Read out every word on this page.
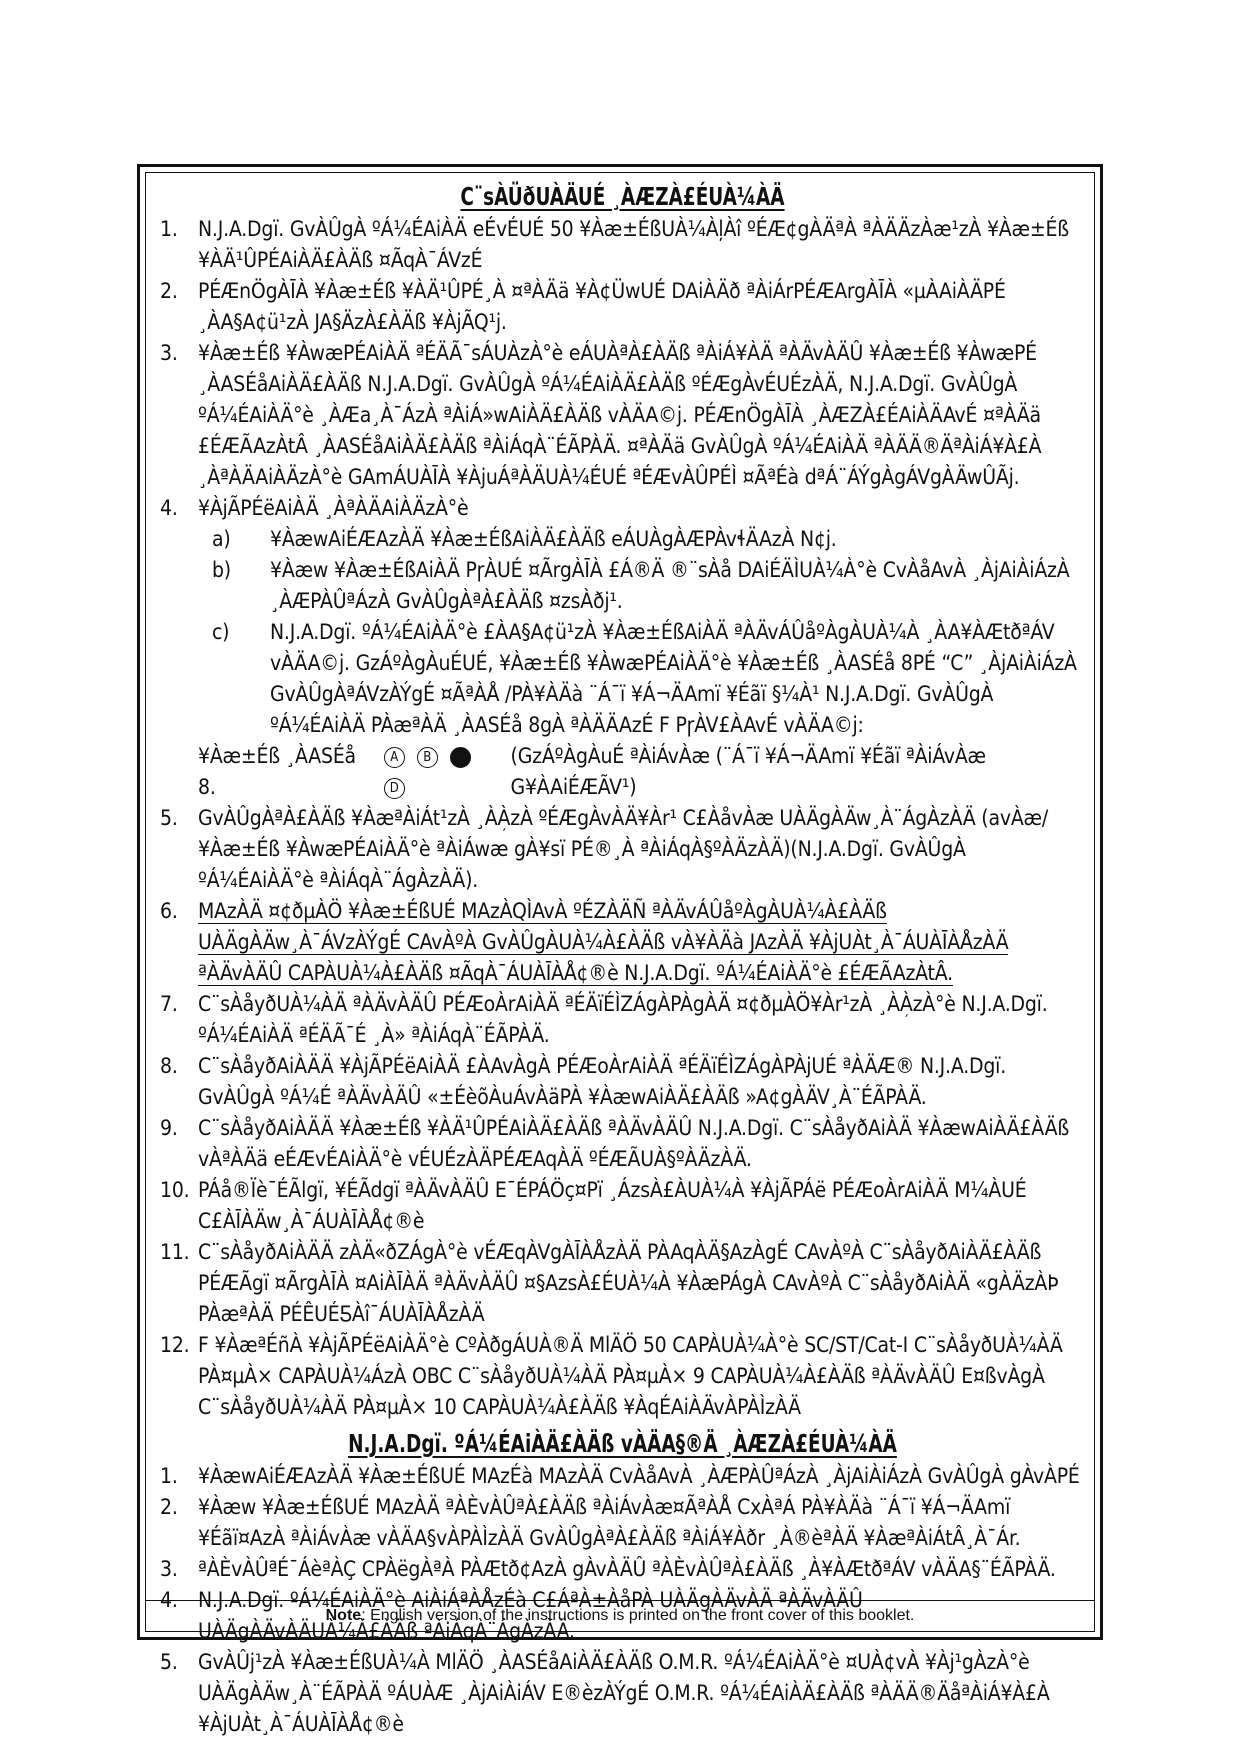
C¨sÀÜðUÀÄUÉ ¸ÀÆZÀ£ÉUÀ¼ÀÄ
1. N.J.A.Dgï. GvÀÛgÀ ºÁ¼ÉAiÀÄ eÉvÉUÉ 50 ¥Àæ±ÉßUÀ¼ÀļÀî ºÉÆ¢gÀÄªÀ ªÀÄÄzÀæ¹zÀ ¥Àæ±Éß ¥ÀÄ¹ÛPÉAiÀÄ£ÀÄß ¤ÃqÀ¯ÁVzÉ
2. PÉÆnÖgÀĪÀ ¥Àæ±Éß ¥ÀÄ¹ÛPÉ¸À ¤ªÀÄä ¥À¢ÜwUÉ DAiÀÄð ªÀiÁrPÉÆArgÀĪÀ «µÀAiÀÄPÉ ¸ÀA§A¢ü¹zÀ JA§ÄzÀ£ÀÄß ¥ÀjÃQ¹j.
3. ¥Àæ±Éß ¥ÀwæPÉAiÀÄ ªÉÄÃ¯sÁUÀzÀ°è eÁUÀªÀ£ÀÄß ªÀiÁ¥ÀÄ ªÀÄvÀÄÛ ¥Àæ±Éß ¥ÀwæPÉ ¸ÀASÉåAiÀÄ£ÀÄß N.J.A.Dgï. GvÀÛgÀ ºÁ¼ÉAiÀÄ£ÀÄß ºÉÆgÀvÉUÉzÀÄ, N.J.A.Dgï. GvÀÛgÀ ºÁ¼ÉAiÀÄ°è ¸ÀÆa¸À¯ÁzÀ ªÀiÁ»wAiÀÄ£ÀÄß vÀÄA©j. PÉÆnÖgÀĪÀ ¸ÀÆZÀ£ÉAiÀÄAvÉ ¤ªÀÄä £ÉÆÃAzÀtÂ ¸ÀASÉåAiÀÄ£ÀÄß ªÀiÁqÀ¨ÉÃPÀÄ. ¤ªÀÄä GvÀÛgÀ ºÁ¼ÉAiÀÄ ªÀÄÄ®ÄªÀiÁ¥À£À ¸ÀªÀÄAiÀÄzÀ°è GAmÁUÀĪÀ ¥ÀjuÁªÀÄUÀ¼ÉUÉ ªÉÆvÀÛPÉÌ ¤ÃªÉà dªÁ¨ÁÝgÀgÁVgÀÄwÛÃj.
4. ¥ÀjÃPÉëAiÀÄ ¸ÀªÀÄAiÀÄzÀ°è
a)	¥ÀæwAiÉÆAzÀÄ ¥Àæ±ÉßAiÀÄ£ÀÄß eÁUÀgÀÆPÀvɬÄAzÀ N¢j.
b)	¥Àæw ¥Àæ±ÉßAiÀÄ PɼÀUÉ ¤ÃrgÀĪÀ £Á®Ä ®¨sÀå DAiÉÄÌUÀ¼À°è CvÀåAvÀ ¸ÀjAiÀiÁzÀ ¸ÀÆPÀÛªÁzÀ GvÀÛgÀªÀ£ÀÄß ¤zsÀðj¹.
c)	N.J.A.Dgï. ºÁ¼ÉAiÀÄ°è £ÀA§A¢ü¹zÀ ¥Àæ±ÉßAiÀÄ ªÀÄvÁÛåºÀgÀUÀ¼À ¸ÀA¥ÀÆtðªÁV vÀÄA©j. GzÁºÀgÀuÉUÉ, ¥Àæ±Éß ¥ÀwæPÉAiÀÄ°è ¥Àæ±Éß ¸ÀASÉå 8PÉ “C” ¸ÀjAiÀiÁzÀ GvÀÛgÀªÁVzÀÝgÉ ¤ÃªÀÅ /PÀ¥ÀÄà ¨Á¯ï ¥Á¬ÄAmï ¥Éãï §¼À¹ N.J.A.Dgï. GvÀÛgÀ ºÁ¼ÉAiÀÄ PÀæªÀÄ ¸ÀASÉå 8gÀ ªÀÄÄAzÉ F PɼÀV£ÀAvÉ vÀÄA©j:
¥Àæ±Éß ¸ÀASÉå 8.
A B CD
(GzÁºÀgÀuÉ ªÀiÁvÀæ (¨Á¯ï ¥Á¬ÄAmï ¥Éãï ªÀiÁvÀæ G¥ÀAiÉÆÃV¹)
5. GvÀÛgÀªÀ£ÀÄß ¥ÀæªÀiÁt¹zÀ ¸ÀܼÀzÀ ºÉÆgÀvÀÄ¥Àr¹ C£ÀåvÀæ UÀÄgÀÄw¸À¨ÁgÀzÀÄ (avÀæ/¥Àæ±Éß ¥ÀwæPÉAiÀÄ°è ªÀiÁwæ gÀ¥sï PÉ®¸À ªÀiÁqÀ§ºÀÄzÀÄ)(N.J.A.Dgï. GvÀÛgÀ ºÁ¼ÉAiÀÄ°è ªÀiÁqÀ¨ÁgÀzÀÄ).
6. MAzÀÄ ¤¢ðµÀÖ ¥Àæ±ÉßUÉ MAzÀQÌAvÀ ºÉZÀÄÑ ªÀÄvÁÛåºÀgÀUÀ¼À£ÀÄß UÀÄgÀÄw¸À¯ÁVzÀÝgÉ CAvÀºÀ GvÀÛgÀUÀ¼À£ÀÄß vÀ¥ÀÄà JAzÀÄ ¥ÀjUÀt¸À¯ÁUÀĪÀÅzÀÄ ªÀÄvÀÄÛ CAPÀUÀ¼À£ÀÄß ¤ÃqÀ¯ÁUÀĪÀÅ¢®è N.J.A.Dgï. ºÁ¼ÉAiÀÄ°è £ÉÆÃAzÀtÂ.
7. C¨sÀåyðUÀ¼ÀÄ ªÀÄvÀÄÛ PÉÆoÀrAiÀÄ ªÉÄïÉÌZÁgÀPÀgÀÄ ¤¢ðµÀÖ¥Àr¹zÀ ¸ÀܼÀzÀ°è N.J.A.Dgï. ºÁ¼ÉAiÀÄ ªÉÄÃ¯É ¸À» ªÀiÁqÀ¨ÉÃPÀÄ.
8. C¨sÀåyðAiÀÄÄ ¥ÀjÃPÉëAiÀÄ £ÀAvÀgÀ PÉÆoÀrAiÀÄ ªÉÄïÉÌZÁgÀPÀjUÉ ªÀÄÆ® N.J.A.Dgï. GvÀÛgÀ ºÁ¼É ªÀÄvÀÄÛ «±ÉèõÀuÁvÀäPÀ ¥ÀæwAiÀÄ£ÀÄß »A¢gÀÄV¸À¨ÉÃPÀÄ.
9. C¨sÀåyðAiÀÄÄ ¥Àæ±Éß ¥ÀÄ¹ÛPÉAiÀÄ£ÀÄß ªÀÄvÀÄÛ N.J.A.Dgï. C¨sÀåyðAiÀÄ ¥ÀæwAiÀÄ£ÀÄß vÀªÀÄä eÉÆvÉAiÀÄ°è vÉUÉzÀÄPÉÆAqÀÄ ºÉÆÃUÀ§ºÀÄzÀÄ.
10. PÁå®Ïè¯ÉÃlgï, ¥ÉÃdgï ªÀÄvÀÄÛ E¯ÉPÁÖç¤Pï ¸ÁzsÀ£ÀUÀ¼À ¥ÀjÃPÁë PÉÆoÀrAiÀÄ M¼ÀUÉ C£ÀĪÀÄw¸À¯ÁUÀĪÀÅ¢®è
11. C¨sÀåyðAiÀÄÄ zÀÄ«ðZÁgÀ°è vÉÆqÀVgÀĪÀÅzÀÄ PÀAqÀÄ§AzÀgÉ CAvÀºÀ C¨sÀåyðAiÀÄ£ÀÄß PÉÆÃgï ¤ÃrgÀĪÀ ¤AiÀĪÀÄ ªÀÄvÀÄÛ ¤§AzsÀ£ÉUÀ¼À ¥ÀæPÁgÀ CAvÀºÀ C¨sÀåyðAiÀÄ «gÀÄzÀÞ PÀæªÀÄ PÉÊUÉƼÀî¯ÁUÀĪÀÅzÀÄ
12. F ¥ÀæªÉñÀ ¥ÀjÃPÉëAiÀÄ°è CºÀðgÁUÀ®Ä MlÄÖ 50 CAPÀUÀ¼À°è SC/ST/Cat-I C¨sÀåyðUÀ¼ÀÄ PÀ¤µÀ× CAPÀUÀ¼ÁzÀ OBC C¨sÀåyðUÀ¼ÀÄ PÀ¤µÀ× 9 CAPÀUÀ¼À£ÀÄß ªÀÄvÀÄÛ E¤ßvÀgÀ C¨sÀåyðUÀ¼ÀÄ PÀ¤µÀ× 10 CAPÀUÀ¼À£ÀÄß ¥ÀqÉAiÀÄvÀPÀÌzÀÄ
N.J.A.Dgï. ºÁ¼ÉAiÀÄ£ÀÄß vÀÄA§®Ä ¸ÀÆZÀ£ÉUÀ¼ÀÄ
1. ¥ÀæwAiÉÆAzÀÄ ¥Àæ±ÉßUÉ MAzÉà MAzÀÄ CvÀåAvÀ ¸ÀÆPÀÛªÁzÀ ¸ÀjAiÀiÁzÀ GvÀÛgÀ gÀvÀPÉ
2. ¥Àæw ¥Àæ±ÉßUÉ MAzÀÄ ªÀÈvÀÛªÀ£ÀÄß ªÀiÁvÀæ¤ÃªÀÅ CxÀªÁ PÀ¥ÀÄà ¨Á¯ï ¥Á¬ÄAmï ¥Éãï¤AzÀ ªÀiÁvÀæ vÀÄA§vÀPÀÌzÀÄ GvÀÛgÀªÀ£ÀÄß ªÀiÁ¥Àðr ¸À®èªÀÄ ¥ÀæªÀiÁtÂ¸À¯Ár.
3. ªÀÈvÀÛªÉ¯ÁèªÀÇ CPÀëgÀªÀ PÀÆtð¢AzÀ gÀvÀÄÛ ªÀÈvÀÛªÀ£ÀÄß ¸À¥ÀÆtðªÁV vÀÄA§¨ÉÃPÀÄ.
4. N.J.A.Dgï. ºÁ¼ÉAiÀÄ°è AiÀiÁªÀÅzÉà C£ÁªÀ±ÀåPÀ UÀÄgÀÄvÀÄ ªÀÄvÀÄÛ UÀÄgÀÄvÀÄUÀ¼À£ÀÄß ªÀiÁqÀ¨ÁgÀzÀÄ.
5. GvÀÛj¹zÀ ¥Àæ±ÉßUÀ¼À MlÄÖ ¸ÀASÉåAiÀÄ£ÀÄß O.M.R. ºÁ¼ÉAiÀÄ°è ¤UÀ¢vÀ ¥Àj¹gÀzÀ°è UÀÄgÀÄw¸À¨ÉÃPÀÄ ºÁUÀÆ ¸ÀjAiÀiÁV E®èzÀÝgÉ O.M.R. ºÁ¼ÉAiÀÄ£ÀÄß ªÀÄÄ®ÄåªÀiÁ¥À£À ¥ÀjUÀt¸À¯ÁUÀĪÀÅ¢®è
Note: English version of the instructions is printed on the front cover of this booklet.
